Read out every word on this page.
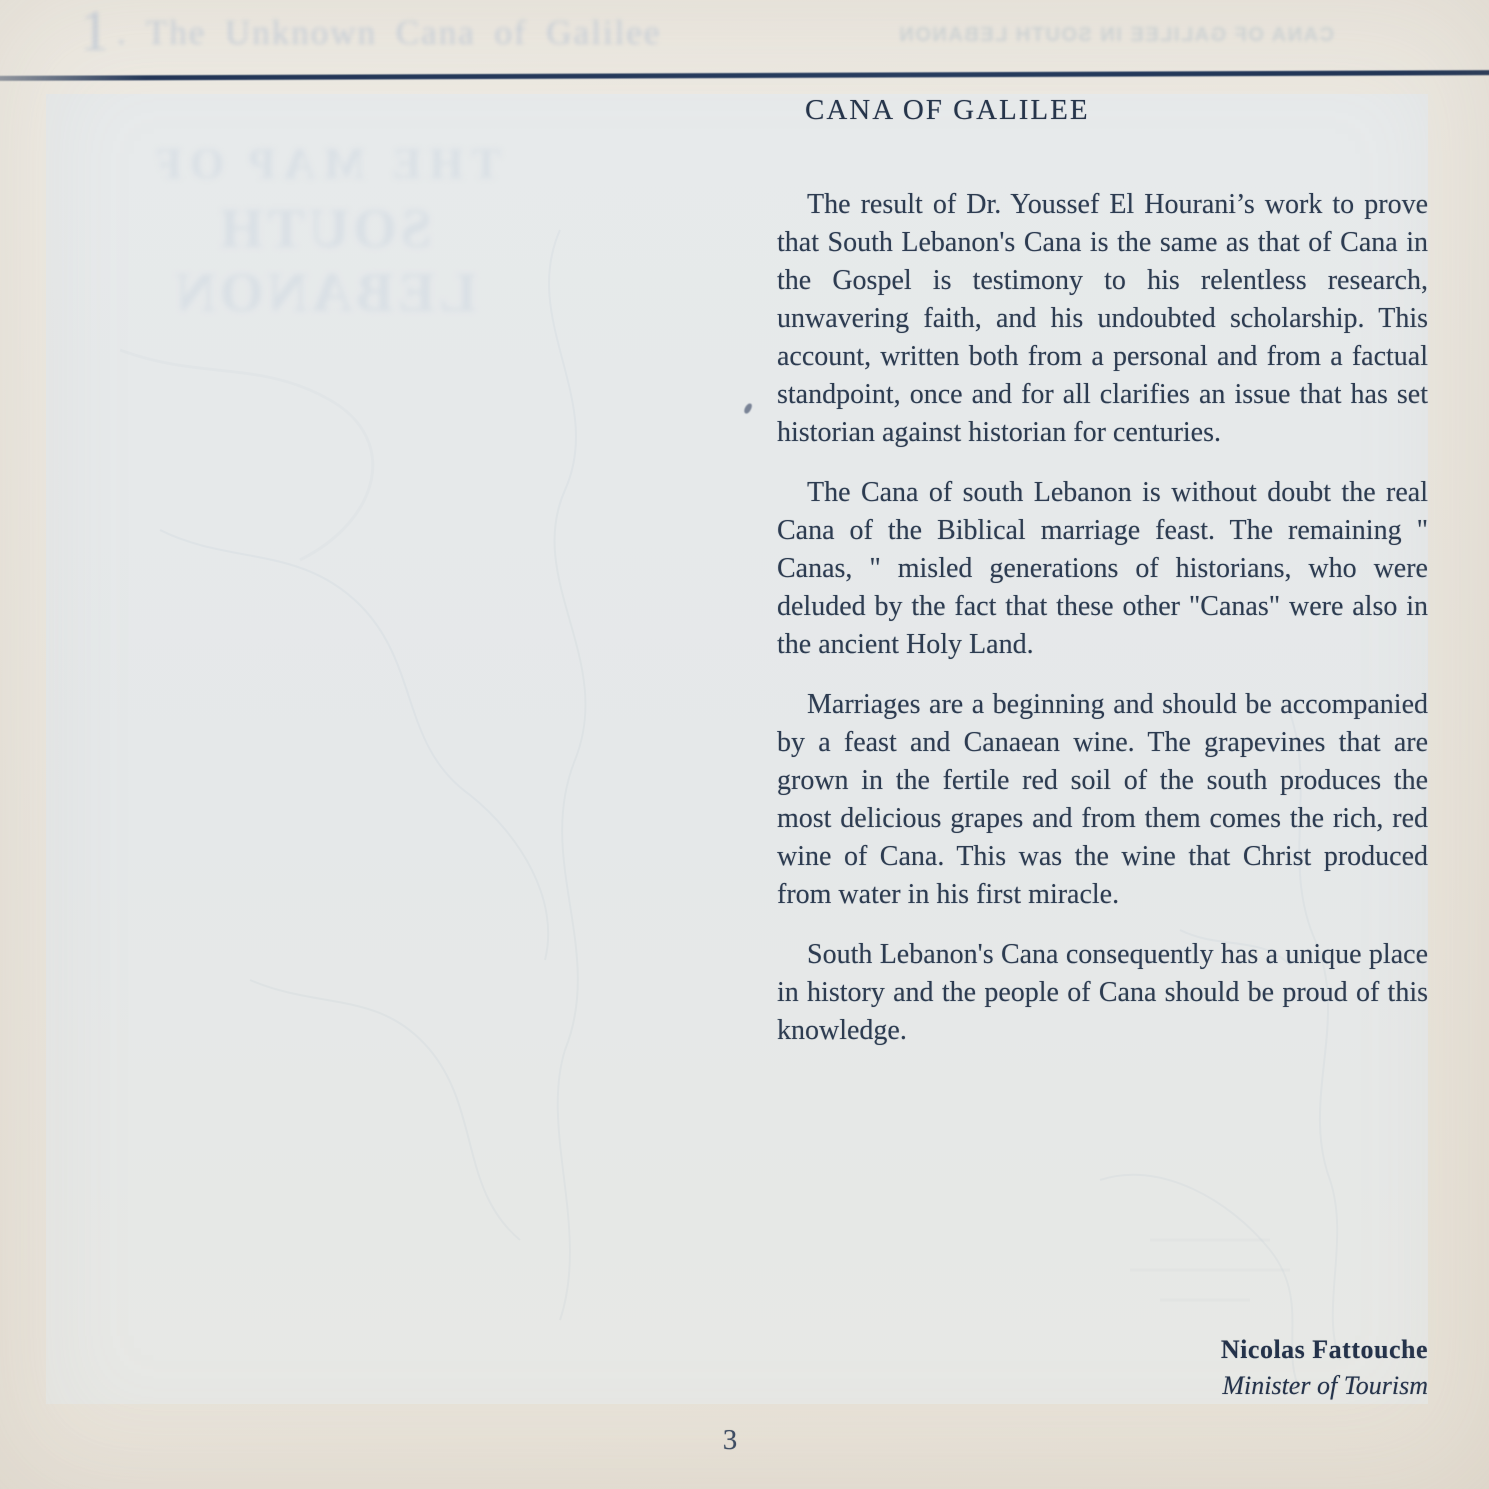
1 . The Unknown Cana of Galilee	CANA OF GALILEE IN SOUTH LEBANON
THE MAP OF
SOUTH LEBANON
CANA OF GALILEE

The result of Dr. Youssef El Hourani’s work to prove that South Lebanon's Cana is the same as that of Cana in the Gospel is testimony to his relentless research, unwavering faith, and his undoubted scholarship. This account, written both from a personal and from a factual standpoint, once and for all clarifies an issue that has set historian against historian for centuries.

The Cana of south Lebanon is without doubt the real Cana of the Biblical marriage feast. The remaining " Canas, " misled generations of historians, who were deluded by the fact that these other "Canas" were also in the ancient Holy Land.

Marriages are a beginning and should be accompanied by a feast and Canaean wine. The grapevines that are grown in the fertile red soil of the south produces the most delicious grapes and from them comes the rich, red wine of Cana. This was the wine that Christ produced from water in his first miracle.

South Lebanon's Cana consequently has a unique place in history and the people of Cana should be proud of this knowledge.

Nicolas Fattouche
Minister of Tourism
3
